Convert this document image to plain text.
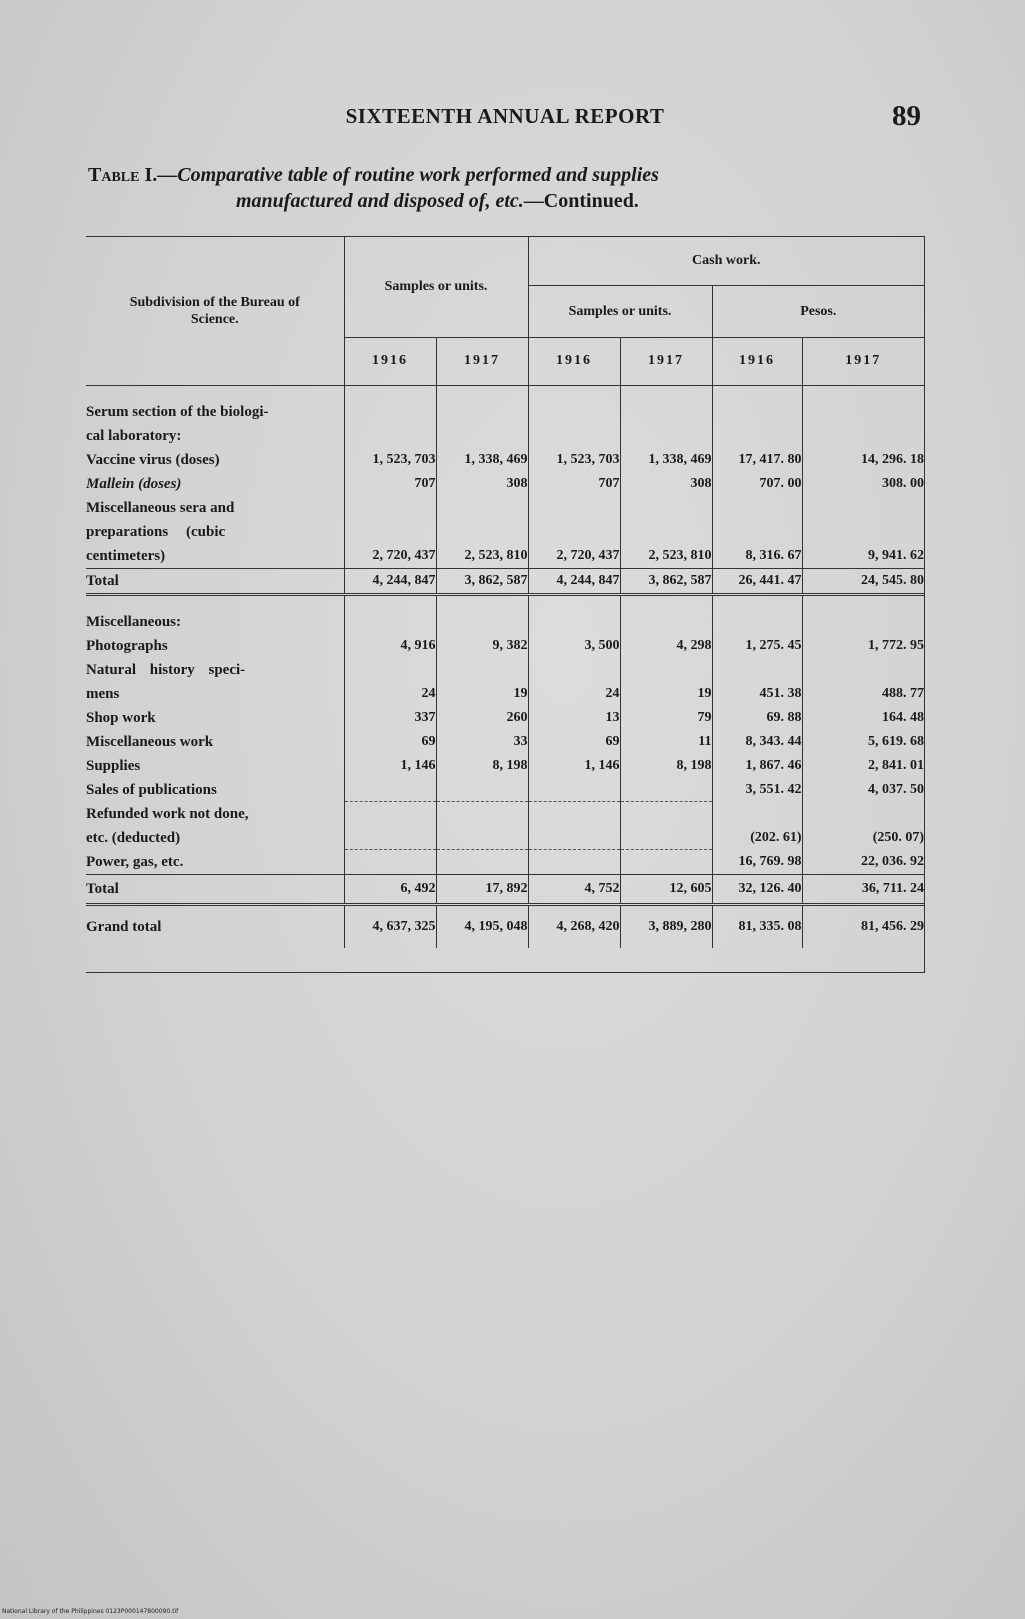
SIXTEENTH ANNUAL REPORT	89
Table I.—Comparative table of routine work performed and supplies
manufactured and disposed of, etc.—Continued.
Subdivision of the Bureau of Science.	Samples or units.		Cash work.			
			Samples or units.		Pesos.	
	1916	1917	1916	1917	1916	1917

Serum section of the biologi-						
cal laboratory:						
Vaccine virus (doses)	1, 523, 703	1, 338, 469	1, 523, 703	1, 338, 469	17, 417. 80	14, 296. 18
Mallein (doses)	707	308	707	308	707. 00	308. 00
Miscellaneous sera and						
preparations (cubic						
centimeters)	2, 720, 437	2, 523, 810	2, 720, 437	2, 523, 810	8, 316. 67	9, 941. 62
Total	4, 244, 847	3, 862, 587	4, 244, 847	3, 862, 587	26, 441. 47	24, 545. 80

Miscellaneous:						
Photographs	4, 916	9, 382	3, 500	4, 298	1, 275. 45	1, 772. 95
Natural history speci-						
mens	24	19	24	19	451. 38	488. 77
Shop work	337	260	13	79	69. 88	164. 48
Miscellaneous work	69	33	69	11	8, 343. 44	5, 619. 68
Supplies	1, 146	8, 198	1, 146	8, 198	1, 867. 46	2, 841. 01
Sales of publications					3, 551. 42	4, 037. 50
Refunded work not done,						
etc. (deducted)					(202. 61)	(250. 07)
Power, gas, etc.					16, 769. 98	22, 036. 92
Total	6, 492	17, 892	4, 752	12, 605	32, 126. 40	36, 711. 24
Grand total	4, 637, 325	4, 195, 048	4, 268, 420	3, 889, 280	81, 335. 08	81, 456. 29
National Library of the Philippines 0123P000147800090.tif
